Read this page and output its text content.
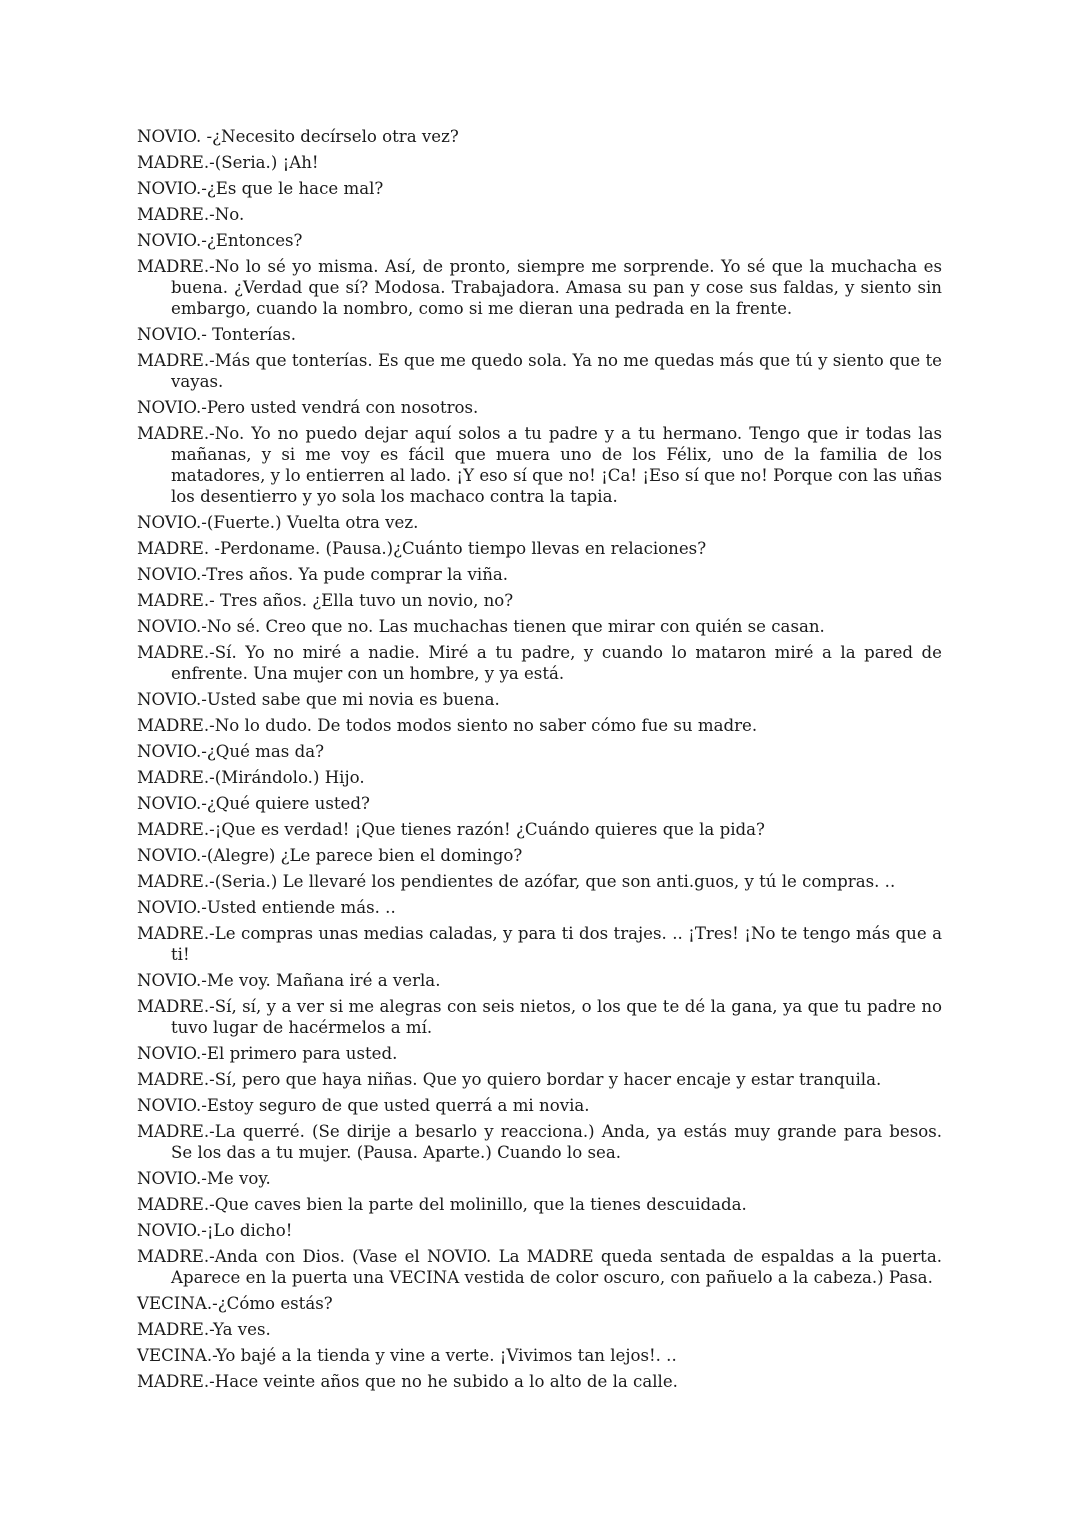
NOVIO. -¿Necesito decírselo otra vez?

MADRE.-(Seria.) ¡Ah!

NOVIO.-¿Es que le hace mal?

MADRE.-No.

NOVIO.-¿Entonces?

MADRE.-No lo sé yo misma. Así, de pronto, siempre me sorprende. Yo sé que la muchacha es buena. ¿Verdad que sí? Modosa. Trabajadora. Amasa su pan y cose sus faldas, y siento sin embargo, cuando la nombro, como si me dieran una pedrada en la frente.

NOVIO.- Tonterías.

MADRE.-Más que tonterías. Es que me quedo sola. Ya no me quedas más que tú y siento que te vayas.

NOVIO.-Pero usted vendrá con nosotros.

MADRE.-No. Yo no puedo dejar aquí solos a tu padre y a tu hermano. Tengo que ir todas las mañanas, y si me voy es fácil que muera uno de los Félix, uno de la familia de los matadores, y lo entierren al lado. ¡Y eso sí que no! ¡Ca! ¡Eso sí que no! Porque con las uñas los desentierro y yo sola los machaco contra la tapia.

NOVIO.-(Fuerte.) Vuelta otra vez.

MADRE. -Perdoname. (Pausa.)¿Cuánto tiempo llevas en relaciones?

NOVIO.-Tres años. Ya pude comprar la viña.

MADRE.- Tres años. ¿Ella tuvo un novio, no?

NOVIO.-No sé. Creo que no. Las muchachas tienen que mirar con quién se casan.

MADRE.-Sí. Yo no miré a nadie. Miré a tu padre, y cuando lo mataron miré a la pared de enfrente. Una mujer con un hombre, y ya está.

NOVIO.-Usted sabe que mi novia es buena.

MADRE.-No lo dudo. De todos modos siento no saber cómo fue su madre.

NOVIO.-¿Qué mas da?

MADRE.-(Mirándolo.) Hijo.

NOVIO.-¿Qué quiere usted?

MADRE.-¡Que es verdad! ¡Que tienes razón! ¿Cuándo quieres que la pida?

NOVIO.-(Alegre) ¿Le parece bien el domingo?

MADRE.-(Seria.) Le llevaré los pendientes de azófar, que son anti.guos, y tú le compras. ..

NOVIO.-Usted entiende más. ..

MADRE.-Le compras unas medias caladas, y para ti dos trajes. .. ¡Tres! ¡No te tengo más que a ti!

NOVIO.-Me voy. Mañana iré a verla.

MADRE.-Sí, sí, y a ver si me alegras con seis nietos, o los que te dé la gana, ya que tu padre no tuvo lugar de hacérmelos a mí.

NOVIO.-El primero para usted.

MADRE.-Sí, pero que haya niñas. Que yo quiero bordar y hacer encaje y estar tranquila.

NOVIO.-Estoy seguro de que usted querrá a mi novia.

MADRE.-La querré. (Se dirije a besarlo y reacciona.) Anda, ya estás muy grande para besos. Se los das a tu mujer. (Pausa. Aparte.) Cuando lo sea.

NOVIO.-Me voy.

MADRE.-Que caves bien la parte del molinillo, que la tienes descuidada.

NOVIO.-¡Lo dicho!

MADRE.-Anda con Dios. (Vase el NOVIO. La MADRE queda sentada de espaldas a la puerta. Aparece en la puerta una VECINA vestida de color oscuro, con pañuelo a la cabeza.) Pasa.

VECINA.-¿Cómo estás?

MADRE.-Ya ves.

VECINA.-Yo bajé a la tienda y vine a verte. ¡Vivimos tan lejos!. ..

MADRE.-Hace veinte años que no he subido a lo alto de la calle.
